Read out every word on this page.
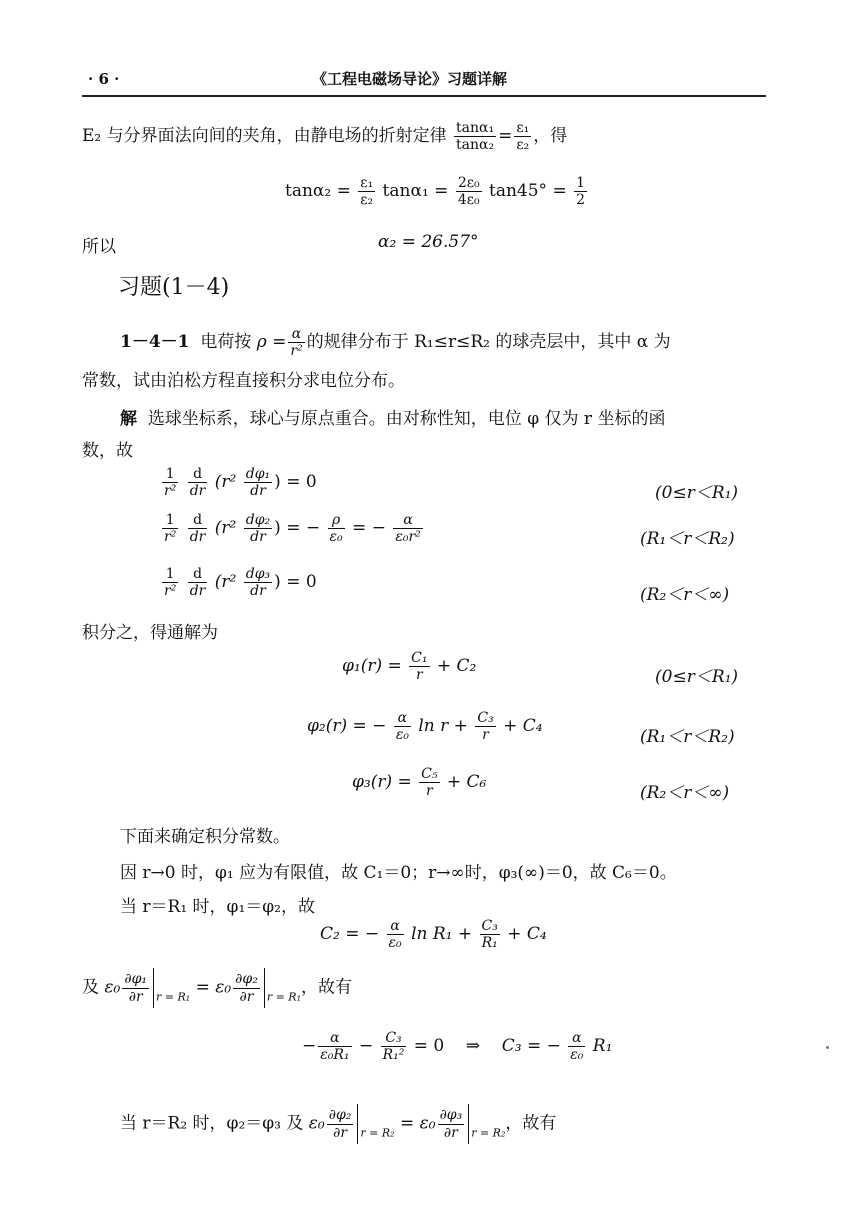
· 6 ·	《工程电磁场导论》习题详解
E₂ 与分界面法向间的夹角，由静电场的折射定律 $\frac{\text{tanα₁}}{\text{tanα₂}} = \frac{\text{ε₁}}{\text{ε₂}}$ ，得
$\tan\alpha_2 = \frac{\text{ε₁}}{\text{ε₂}} \tan\alpha_1 = \frac{\text{2ε₀}}{\text{4ε₀}} \tan 45^\circ = \frac{1}{2}$
所以	α₂ = 26.57°
习题(1－4)
1－4－1 电荷按 $\rho = \frac{\alpha}{\text{r²}}$ 的规律分布于 R₁≤r≤R₂ 的球壳层中，其中 α 为
常数，试由泊松方程直接积分求电位分布。
解 选球坐标系，球心与原点重合。由对称性知，电位 φ 仅为 r 坐标的函
数，故
$\frac{1}{\text{r²}}$
$\frac{d}{dr} (r^2 \frac{\text{dφ₁}}{dr}$ ) = 0
(0≤r＜R₁)
$\frac{1}{\text{r²}}$
$\frac{d}{dr} (r^2 \frac{\text{dφ₂}}{dr}$ ) = − $\frac{\rho}{\text{ε₀}}$ = − $\frac{\alpha}{\text{ε₀r²}}$	(R₁＜r＜R₂)
$\frac{1}{\text{r²}}$
$\frac{d}{dr} (r^2 \frac{\text{dφ₃}}{dr}$ ) = 0
(R₂＜r＜∞)
积分之，得通解为
$\varphi_1(r) = \frac{\text{C₁}}{r} + C_2$
(0≤r＜R₁)
φ₂(r) = − $\frac{\alpha}{\text{ε₀}}$ $\ln r + \frac{\text{C₃}}{r} + C_4$
(R₁＜r＜R₂)
$\varphi_3(r) = \frac{\text{C₅}}{r} + C_6$
(R₂＜r＜∞)
下面来确定积分常数。
因 r→0 时，φ₁ 应为有限值，故 C₁＝0；r→∞时，φ₃(∞)＝0，故 C₆＝0。
当 r＝R₁ 时，φ₁＝φ₂，故
C₂ = − $\frac{\alpha}{\text{ε₀}}$ $\ln R_1 + \frac{\text{C₃}}{\text{R₁}} + C_4$
及 $\varepsilon_0 \frac{\text{∂φ₁}}{\partial r} _{r = R_1} = \varepsilon_0 \frac{\text{∂φ₂}}{\partial r} _{r = R_1}$，故有
− $\frac{\alpha}{\text{ε₀R₁}} - \frac{\text{C₃}}{\text{R₁²}} = 0$ ⇒ C₃ = − $\frac{\alpha}{\text{ε₀}} R_1$
当 r＝R₂ 时，φ₂＝φ₃ 及 $\varepsilon_0 \frac{\text{∂φ₂}}{\partial r} _{r = R_2} = \varepsilon_0 \frac{\text{∂φ₃}}{\partial r} _{r = R_2}$，故有
